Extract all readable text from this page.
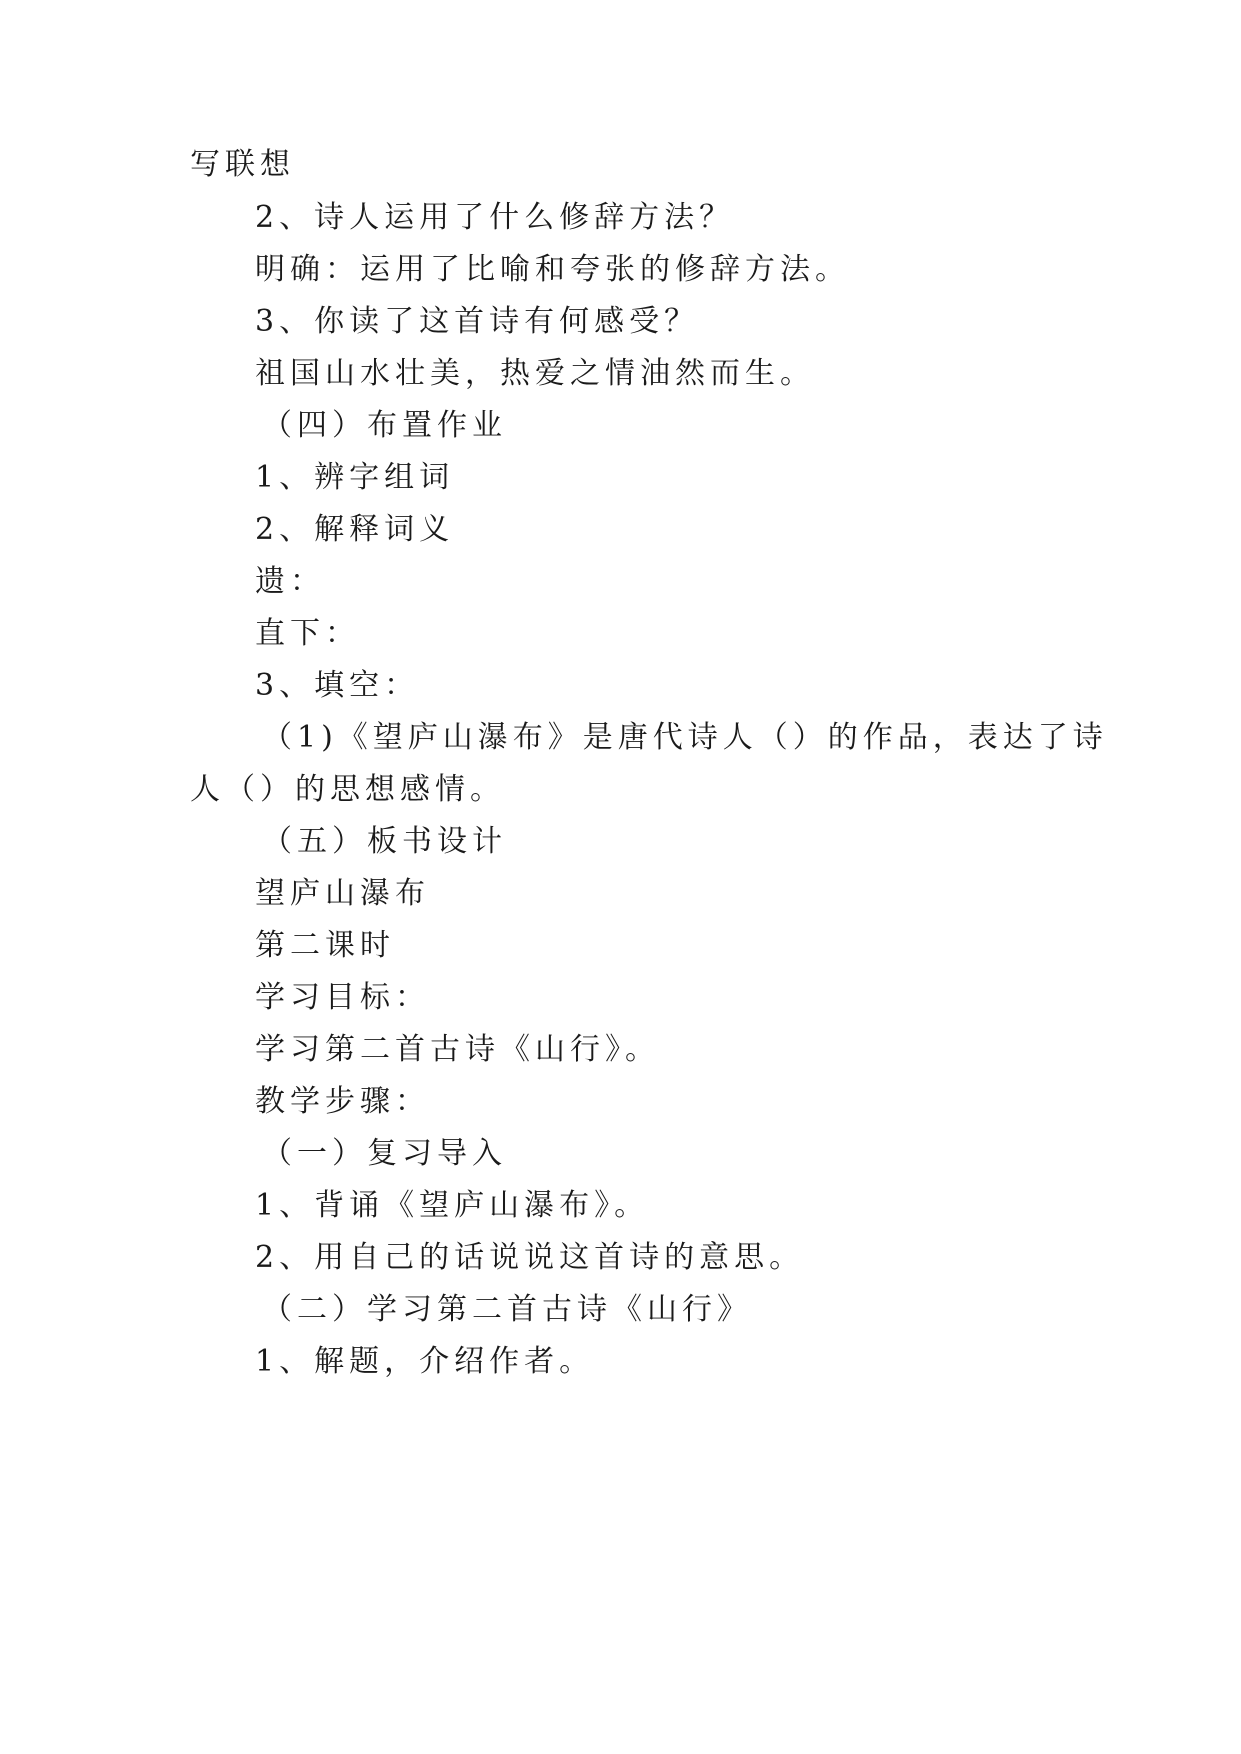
写联想
2、诗人运用了什么修辞方法？
明确：运用了比喻和夸张的修辞方法。
3、你读了这首诗有何感受？
祖国山水壮美，热爱之情油然而生。
（四）布置作业
1、辨字组词
2、解释词义
遗：
直下：
3、填空：
（1)《望庐山瀑布》是唐代诗人（）的作品，表达了诗
人（）的思想感情。
（五）板书设计
望庐山瀑布
第二课时
学习目标：
学习第二首古诗《山行》。
教学步骤：
（一）复习导入
1、背诵《望庐山瀑布》。
2、用自己的话说说这首诗的意思。
（二）学习第二首古诗《山行》
1、解题，介绍作者。
